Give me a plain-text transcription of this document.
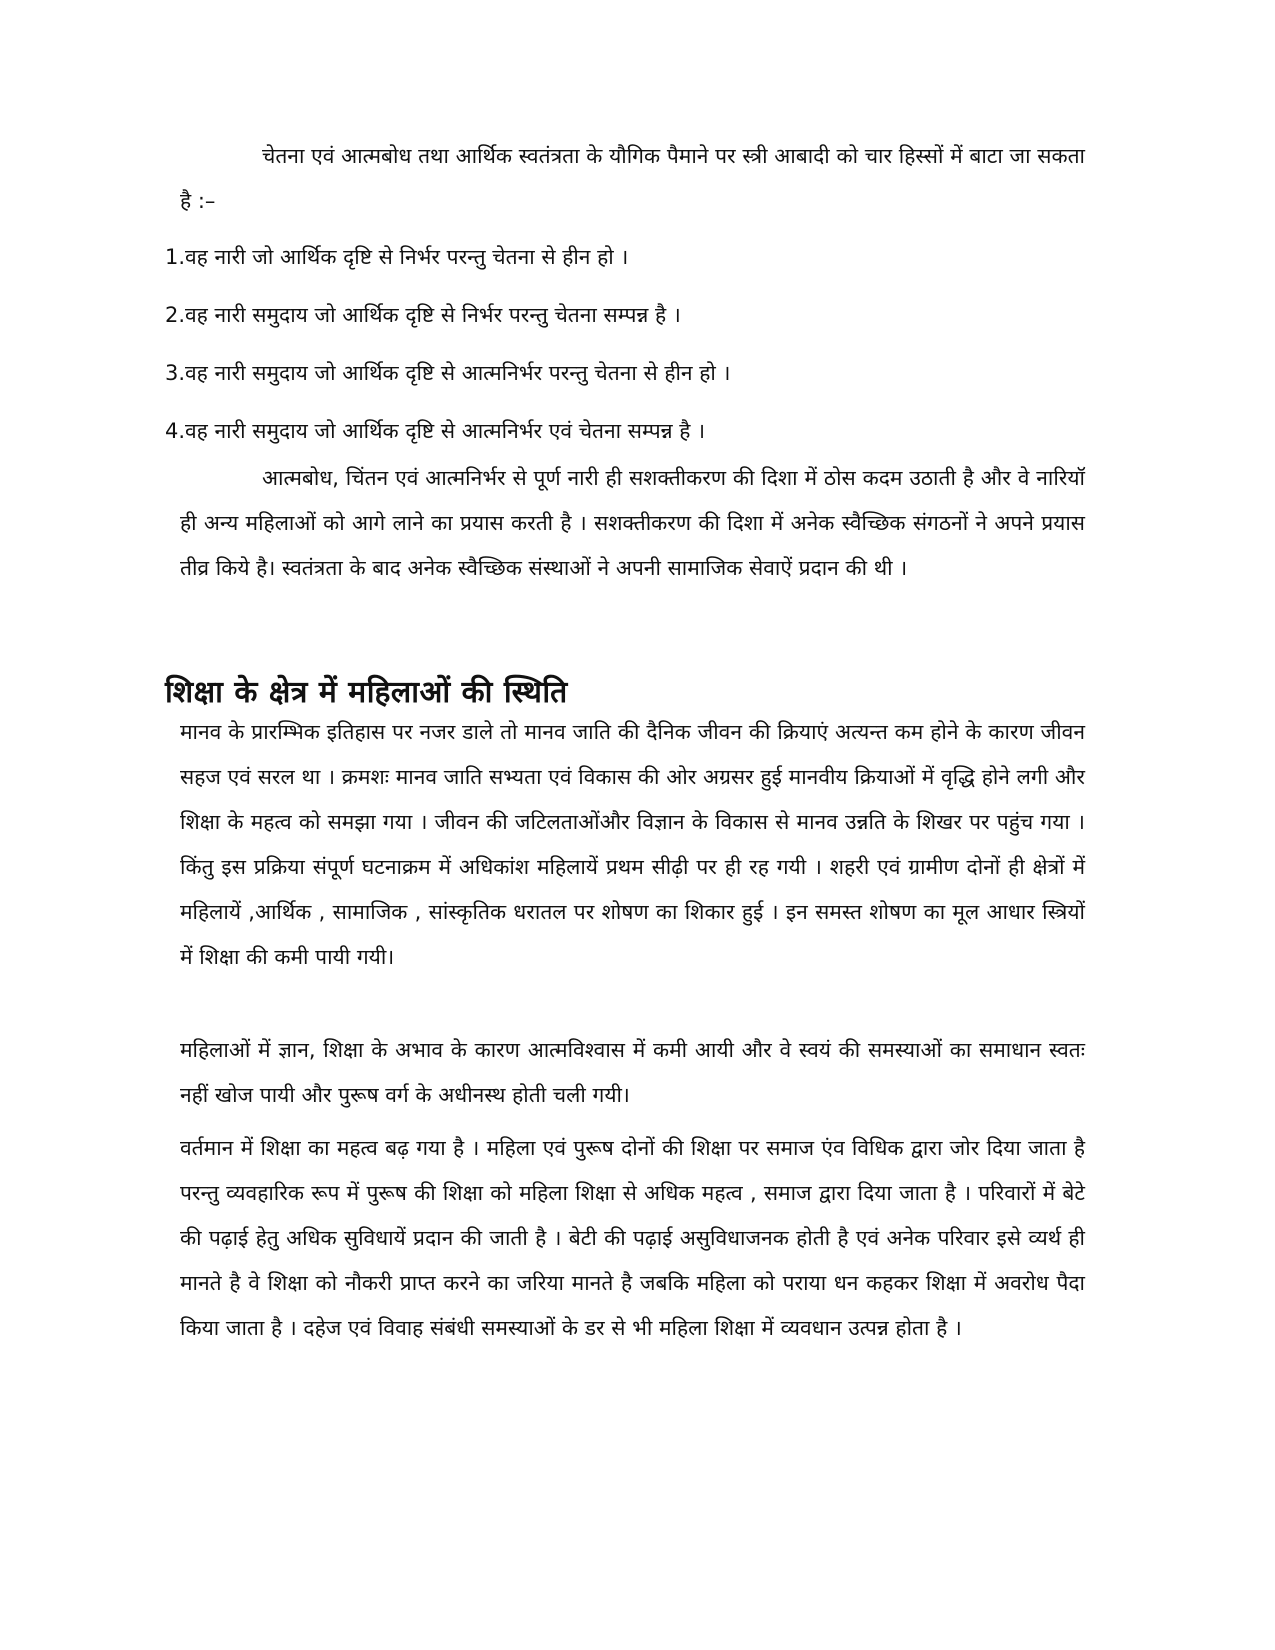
चेतना एवं आत्मबोध तथा आर्थिक स्वतंत्रता के यौगिक पैमाने पर स्त्री आबादी को चार हिस्सों में बाटा जा सकता है :–

1.वह नारी जो आर्थिक दृष्टि से निर्भर परन्तु चेतना से हीन हो ।
2.वह नारी समुदाय जो आर्थिक दृष्टि से निर्भर परन्तु चेतना सम्पन्न है ।
3.वह नारी समुदाय जो आर्थिक दृष्टि से आत्मनिर्भर परन्तु चेतना से हीन हो ।
4.वह नारी समुदाय जो आर्थिक दृष्टि से आत्मनिर्भर एवं चेतना सम्पन्न है ।

आत्मबोध, चिंतन एवं आत्मनिर्भर से पूर्ण नारी ही सशक्तीकरण की दिशा में ठोस कदम उठाती है और वे नारियॉ ही अन्य महिलाओं को आगे लाने का प्रयास करती है । सशक्तीकरण की दिशा में अनेक स्वैच्छिक संगठनों ने अपने प्रयास तीव्र किये है। स्वतंत्रता के बाद अनेक स्वैच्छिक संस्थाओं ने अपनी सामाजिक सेवाऐं प्रदान की थी ।

शिक्षा के क्षेत्र में महिलाओं की स्थिति

मानव के प्रारम्भिक इतिहास पर नजर डाले तो मानव जाति की दैनिक जीवन की क्रियाएं अत्यन्त कम होने के कारण जीवन सहज एवं सरल था । क्रमशः मानव जाति सभ्यता एवं विकास की ओर अग्रसर हुई मानवीय क्रियाओं में वृद्धि होने लगी और शिक्षा के महत्व को समझा गया । जीवन की जटिलताओंऔर विज्ञान के विकास से मानव उन्नति के शिखर पर पहुंच गया । किंतु इस प्रक्रिया संपूर्ण घटनाक्रम में अधिकांश महिलायें प्रथम सीढ़ी पर ही रह गयी । शहरी एवं ग्रामीण दोनों ही क्षेत्रों में महिलायें ,आर्थिक , सामाजिक , सांस्कृतिक धरातल पर शोषण का शिकार हुई । इन समस्त शोषण का मूल आधार स्त्रियों में शिक्षा की कमी पायी गयी।

महिलाओं में ज्ञान, शिक्षा के अभाव के कारण आत्मविश्वास में कमी आयी और वे स्वयं की समस्याओं का समाधान स्वतः नहीं खोज पायी और पुरूष वर्ग के अधीनस्थ होती चली गयी।

वर्तमान में शिक्षा का महत्व बढ़ गया है । महिला एवं पुरूष दोनों की शिक्षा पर समाज एंव विधिक द्वारा जोर दिया जाता है परन्तु व्यवहारिक रूप में पुरूष की शिक्षा को महिला शिक्षा से अधिक महत्व , समाज द्वारा दिया जाता है । परिवारों में बेटे की पढ़ाई हेतु अधिक सुविधायें प्रदान की जाती है । बेटी की पढ़ाई असुविधाजनक होती है एवं अनेक परिवार इसे व्यर्थ ही मानते है वे शिक्षा को नौकरी प्राप्त करने का जरिया मानते है जबकि महिला को पराया धन कहकर शिक्षा में अवरोध पैदा किया जाता है । दहेज एवं विवाह संबंधी समस्याओं के डर से भी महिला शिक्षा में व्यवधान उत्पन्न होता है ।
